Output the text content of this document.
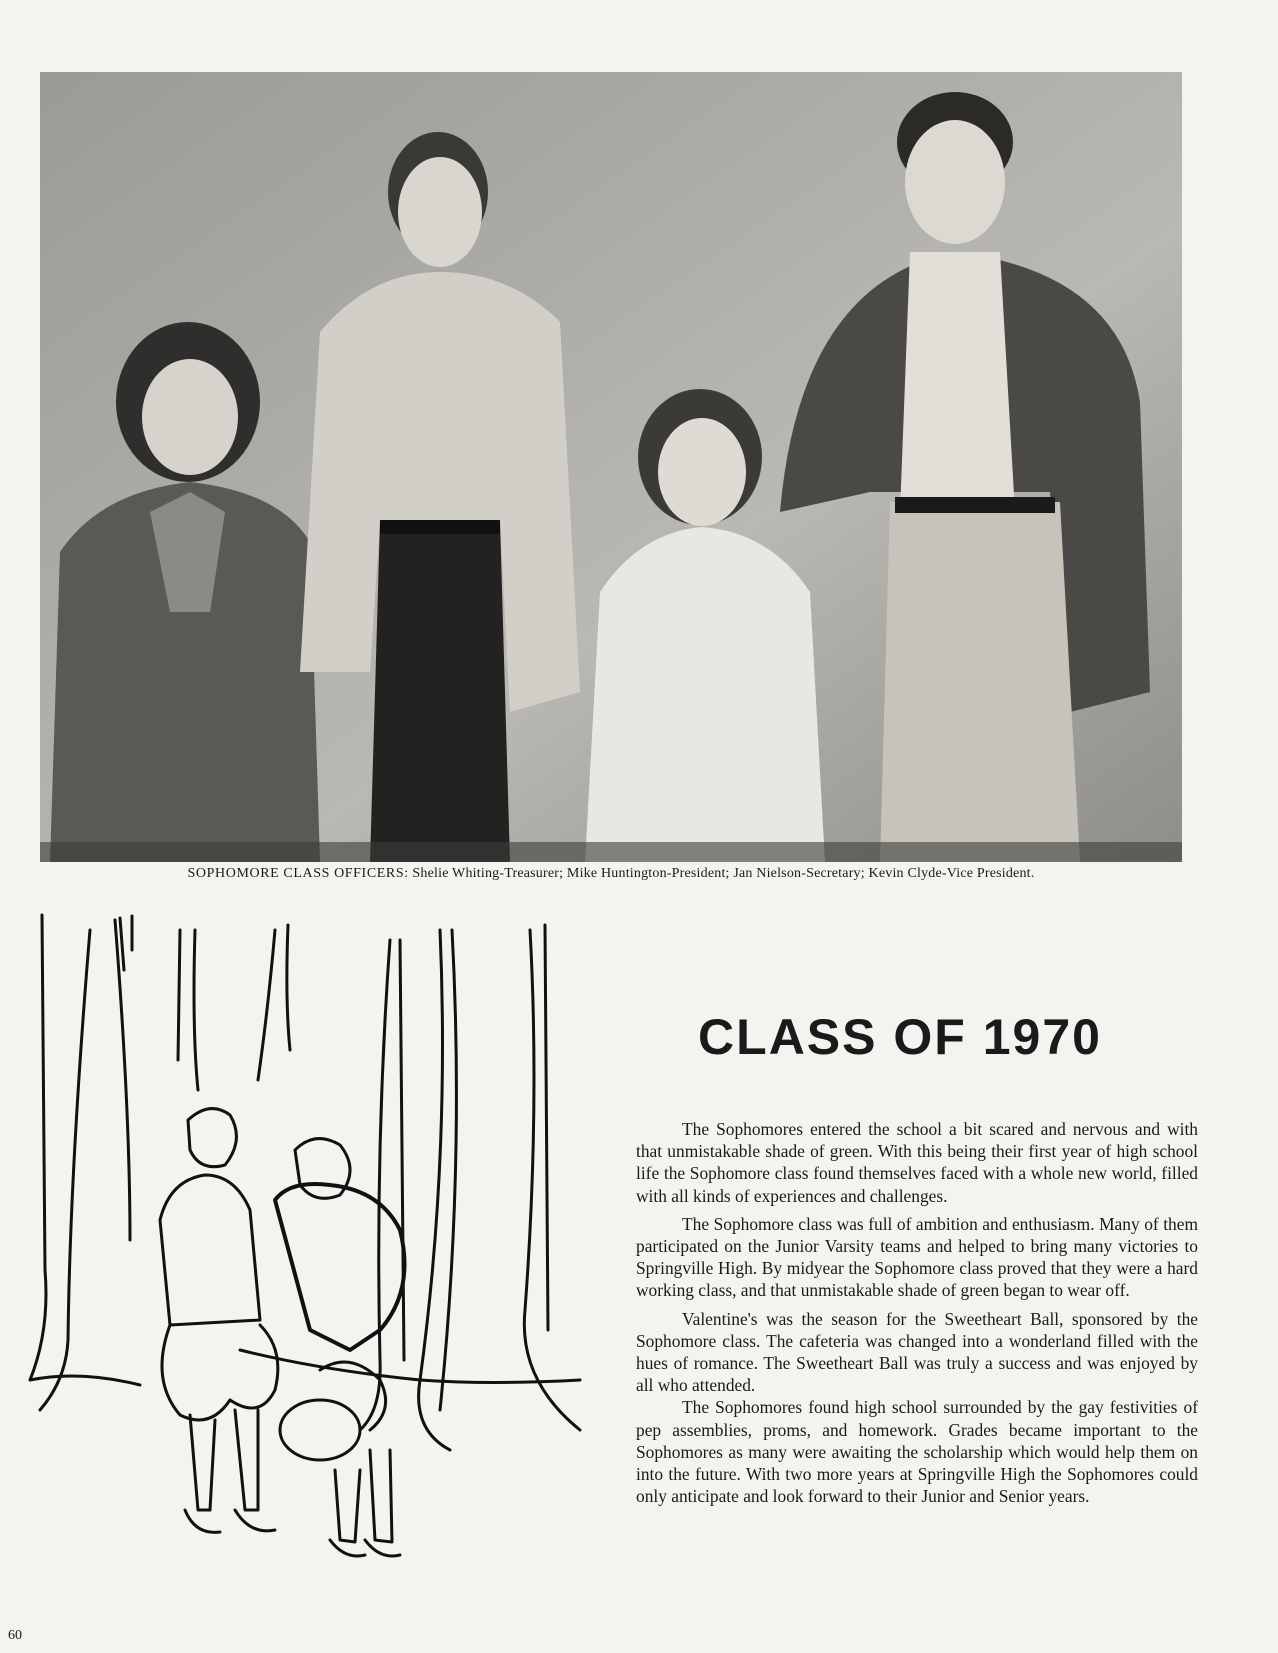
SOPHOMORE CLASS OFFICERS: Shelie Whiting-Treasurer; Mike Huntington-President; Jan Nielson-Secretary; Kevin Clyde-Vice President.
CLASS OF 1970

The Sophomores entered the school a bit scared and nervous and with that unmistakable shade of green. With this being their first year of high school life the Sophomore class found themselves faced with a whole new world, filled with all kinds of experiences and challenges.

The Sophomore class was full of ambition and enthusiasm. Many of them participated on the Junior Varsity teams and helped to bring many victories to Springville High. By midyear the Sophomore class proved that they were a hard working class, and that unmistakable shade of green began to wear off.

Valentine's was the season for the Sweetheart Ball, sponsored by the Sophomore class. The cafeteria was changed into a wonderland filled with the hues of romance. The Sweetheart Ball was truly a success and was enjoyed by all who attended.

The Sophomores found high school surrounded by the gay festivities of pep assemblies, proms, and homework. Grades became important to the Sophomores as many were awaiting the scholarship which would help them on into the future. With two more years at Springville High the Sophomores could only anticipate and look forward to their Junior and Senior years.

60
